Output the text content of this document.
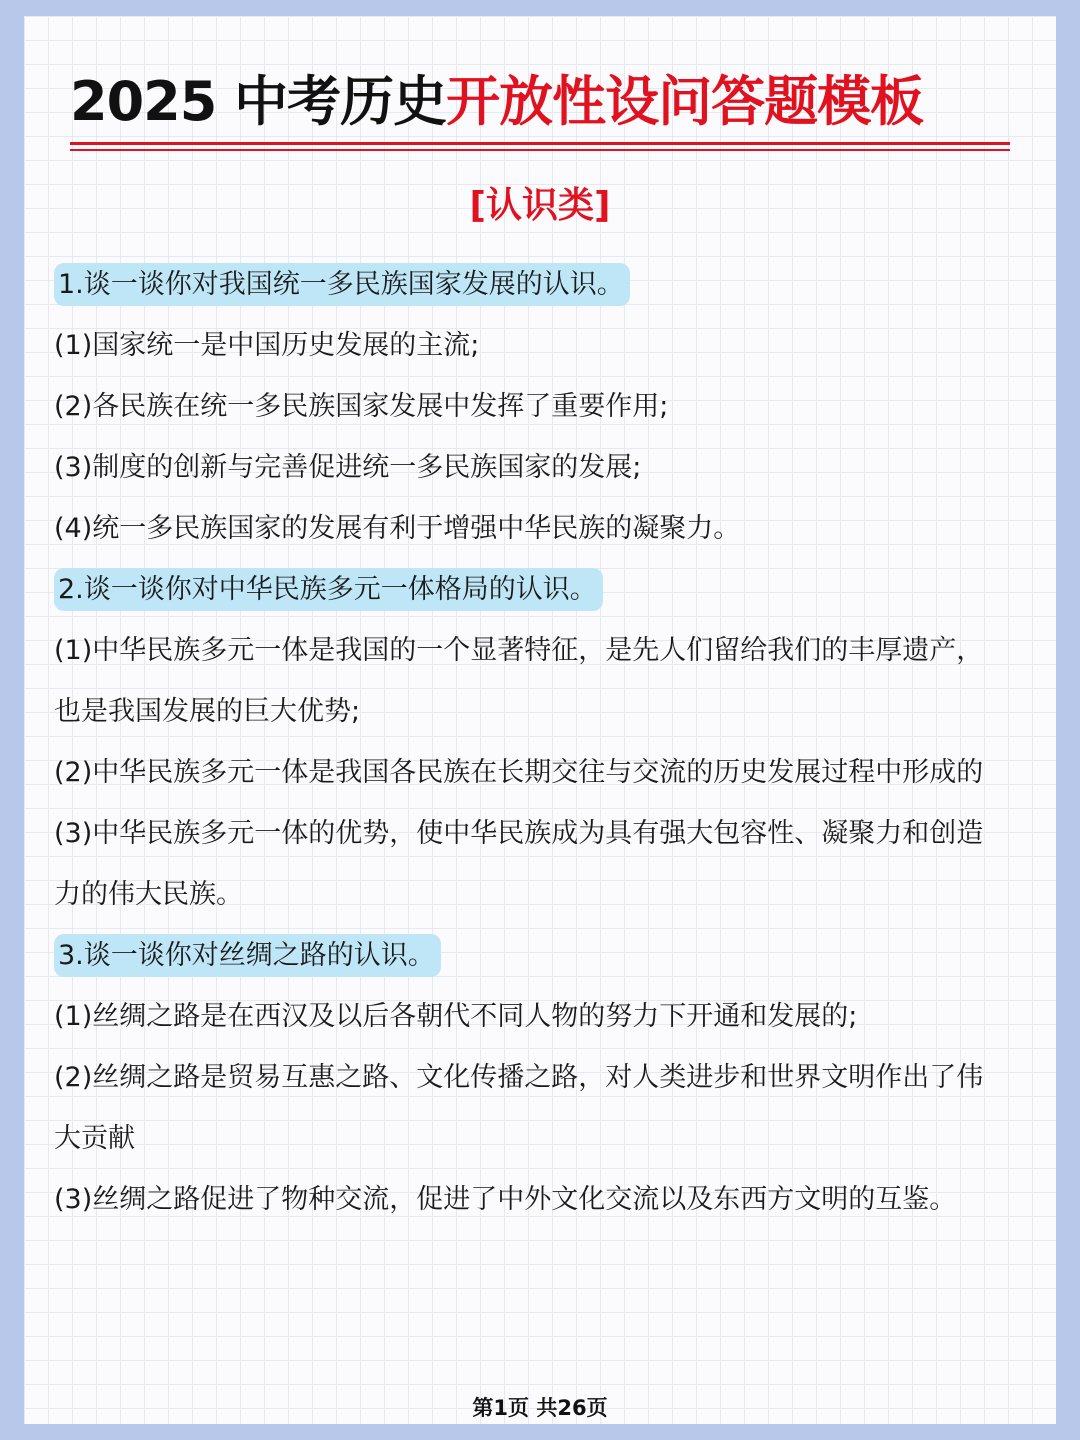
2025 中考历史开放性设问答题模板
[认识类]
1.谈一谈你对我国统一多民族国家发展的认识。

(1)国家统一是中国历史发展的主流;

(2)各民族在统一多民族国家发展中发挥了重要作用;

(3)制度的创新与完善促进统一多民族国家的发展;

(4)统一多民族国家的发展有利于增强中华民族的凝聚力。

2.谈一谈你对中华民族多元一体格局的认识。

(1)中华民族多元一体是我国的一个显著特征，是先人们留给我们的丰厚遗产，也是我国发展的巨大优势;

(2)中华民族多元一体是我国各民族在长期交往与交流的历史发展过程中形成的

(3)中华民族多元一体的优势，使中华民族成为具有强大包容性、凝聚力和创造力的伟大民族。

3.谈一谈你对丝绸之路的认识。

(1)丝绸之路是在西汉及以后各朝代不同人物的努力下开通和发展的;

(2)丝绸之路是贸易互惠之路、文化传播之路，对人类进步和世界文明作出了伟大贡献

(3)丝绸之路促进了物种交流，促进了中外文化交流以及东西方文明的互鉴。

第1页 共26页
